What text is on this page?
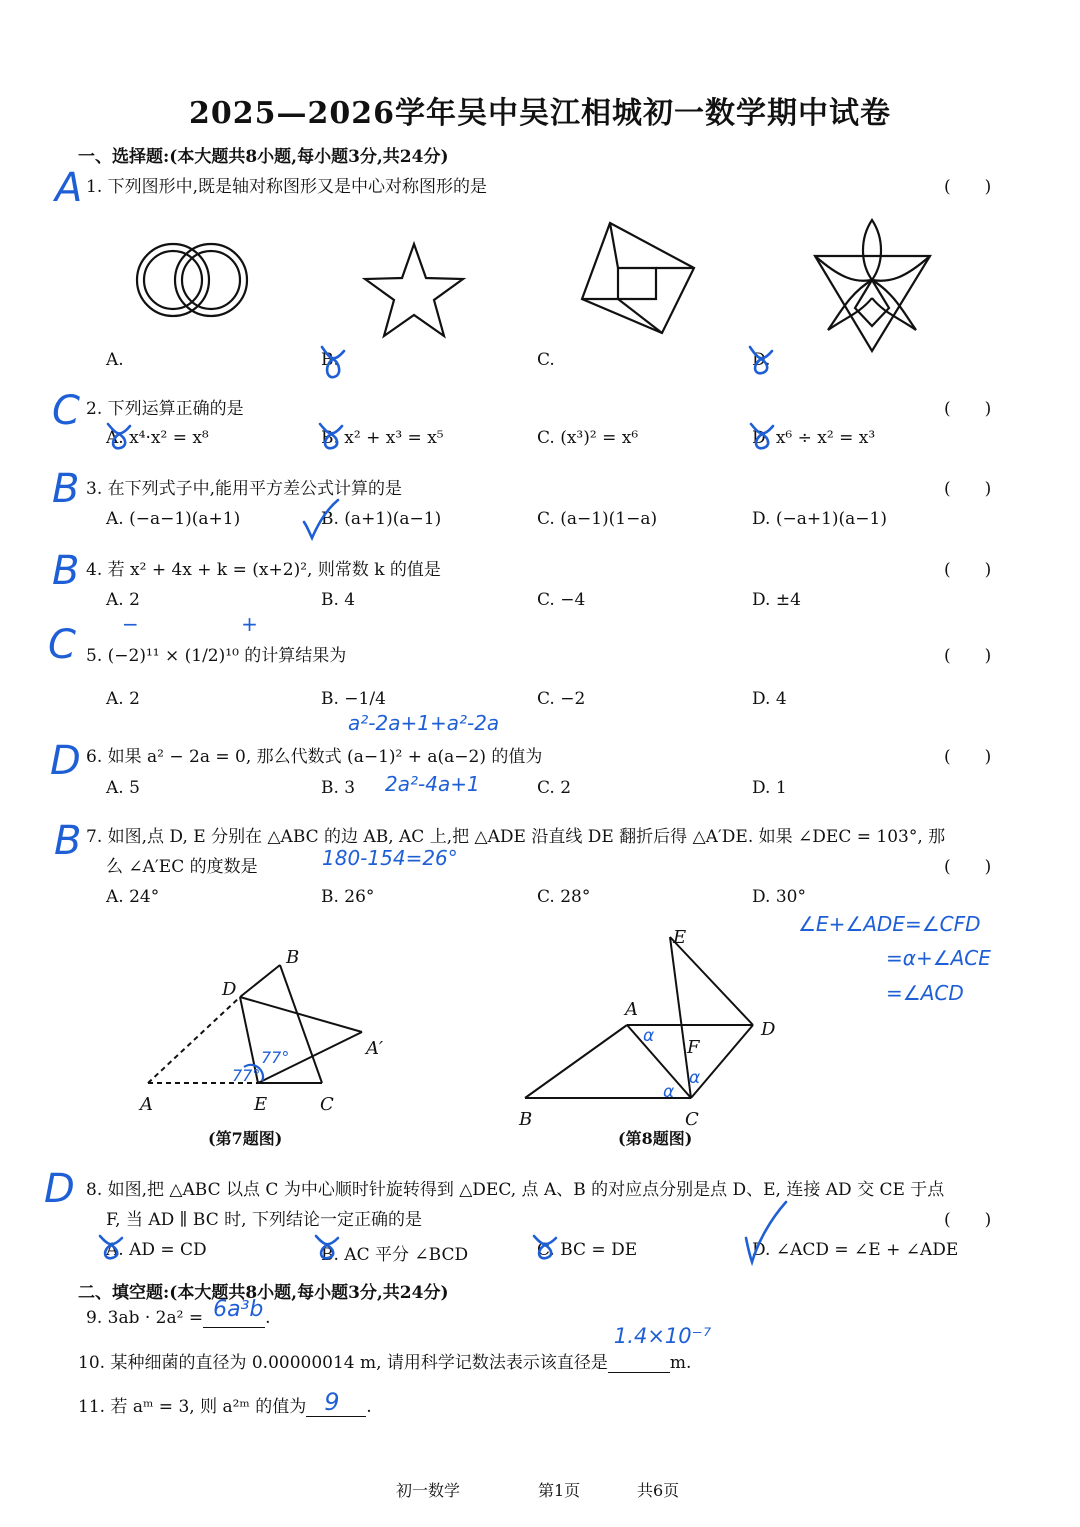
2025—2026学年吴中吴江相城初一数学期中试卷
一、选择题:(本大题共8小题,每小题3分,共24分)
A 1. 下列图形中,既是轴对称图形又是中心对称图形的是	(　　)
A.	B.	C.	D.
C 2. 下列运算正确的是	(　　)
A. x⁴·x² = x⁸	B. x² + x³ = x⁵	C. (x³)² = x⁶	D. x⁶ ÷ x² = x³
B 3. 在下列式子中,能用平方差公式计算的是	(　　)
A. (−a−1)(a+1)	B. (a+1)(a−1)	C. (a−1)(1−a)	D. (−a+1)(a−1)
B 4. 若 x² + 4x + k = (x+2)², 则常数 k 的值是	(　　)
A. 2	B. 4	C. −4	D. ±4
C − +
5. (−2)¹¹ × (1/2)¹⁰ 的计算结果为	(　　)
A. 2	B. −1/4	C. −2	D. 4
a²-2a+1+a²-2a
D 6. 如果 a² − 2a = 0, 那么代数式 (a−1)² + a(a−2) 的值为	(　　)
A. 5	B. 3 2a²-4a+1	C. 2	D. 1
B 7. 如图,点 D, E 分别在 △ABC 的边 AB, AC 上,把 △ADE 沿直线 DE 翻折后得 △A′DE. 如果 ∠DEC = 103°, 那
么 ∠A′EC 的度数是	180-154=26°	(　　)
A. 24°	B. 26°	C. 28°	D. 30°
77°
77°
A
B
C
D
E
A′
(第7题图)
α
α
α
A
B	C
D
E
F
(第8题图)
∠E+∠ADE=∠CFD
=α+∠ACE
=∠ACD
D 8. 如图,把 △ABC 以点 C 为中心顺时针旋转得到 △DEC, 点 A、B 的对应点分别是点 D、E, 连接 AD 交 CE 于点
F, 当 AD ∥ BC 时, 下列结论一定正确的是	(　　)
A. AD = CD	B. AC 平分 ∠BCD	C. BC = DE	D. ∠ACD = ∠E + ∠ADE
二、填空题:(本大题共8小题,每小题3分,共24分)
9. 3ab · 2a² = 6a³b .
10. 某种细菌的直径为 0.00000014 m, 请用科学记数法表示该直径是
1.4×10⁻⁷
m.
11. 若 aᵐ = 3, 则 a²ᵐ 的值为 9 .
初一数学	第1页	共6页
